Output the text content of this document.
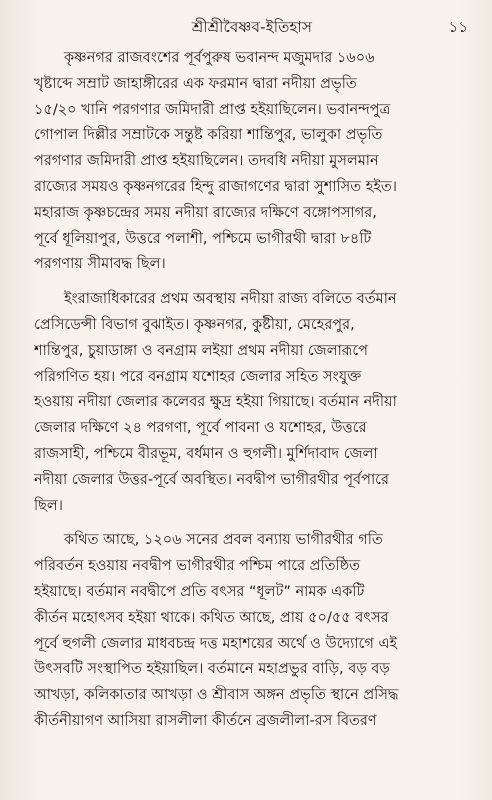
শ্রীশ্রীবৈষ্ণব-ইতিহাস	১১
কৃষ্ণনগর রাজবংশের পূর্বপুরুষ ভবানন্দ মজুমদার ১৬০৬
খৃষ্টাব্দে সম্রাট জাহাঙ্গীরের এক ফরমান দ্বারা নদীয়া প্রভৃতি
১৫/২০ খানি পরগণার জমিদারী প্রাপ্ত হইয়াছিলেন। ভবানন্দপুত্র
গোপাল দিল্লীর সম্রাটকে সন্তুষ্ট করিয়া শান্তিপুর, ভালুকা প্রভৃতি
পরগণার জমিদারী প্রাপ্ত হইয়াছিলেন। তদবধি নদীয়া মুসলমান
রাজ্যের সময়ও কৃষ্ণনগরের হিন্দু রাজাগণের দ্বারা সুশাসিত হইত।
মহারাজ কৃষ্ণচন্দ্রের সময় নদীয়া রাজ্যের দক্ষিণে বঙ্গোপসাগর,
পূর্বে ধূলিয়াপুর, উত্তরে পলাশী, পশ্চিমে ভাগীরথী দ্বারা ৮৪টি
পরগণায় সীমাবদ্ধ ছিল।
ইংরাজাধিকারের প্রথম অবস্থায় নদীয়া রাজ্য বলিতে বর্তমান
প্রেসিডেন্সী বিভাগ বুঝাইত। কৃষ্ণনগর, কুষ্টীয়া, মেহেরপুর,
শান্তিপুর, চুয়াডাঙ্গা ও বনগ্রাম লইয়া প্রথম নদীয়া জেলারূপে
পরিগণিত হয়। পরে বনগ্রাম যশোহর জেলার সহিত সংযুক্ত
হওয়ায় নদীয়া জেলার কলেবর ক্ষুদ্র হইয়া গিয়াছে। বর্তমান নদীয়া
জেলার দক্ষিণে ২৪ পরগণা, পূর্বে পাবনা ও যশোহর, উত্তরে
রাজসাহী, পশ্চিমে বীরভূম, বর্ধমান ও হুগলী। মুর্শিদাবাদ জেলা
নদীয়া জেলার উত্তর-পূর্বে অবস্থিত। নবদ্বীপ ভাগীরথীর পূর্বপারে
ছিল।
কথিত আছে, ১২০৬ সনের প্রবল বন্যায় ভাগীরথীর গতি
পরিবর্তন হওয়ায় নবদ্বীপ ভাগীরথীর পশ্চিম পারে প্রতিষ্ঠিত
হইয়াছে। বর্তমান নবদ্বীপে প্রতি বৎসর “ধূলট” নামক একটি
কীর্তন মহোৎসব হইয়া থাকে। কথিত আছে, প্রায় ৫০/৫৫ বৎসর
পূর্বে হুগলী জেলার মাধবচন্দ্র দত্ত মহাশয়ের অর্থে ও উদ্যোগে এই
উৎসবটি সংস্থাপিত হইয়াছিল। বর্তমানে মহাপ্রভুর বাড়ি, বড় বড়
আখড়া, কলিকাতার আখড়া ও শ্রীবাস অঙ্গন প্রভৃতি স্থানে প্রসিদ্ধ
কীর্তনীয়াগণ আসিয়া রাসলীলা কীর্তনে ব্রজলীলা-রস বিতরণ
